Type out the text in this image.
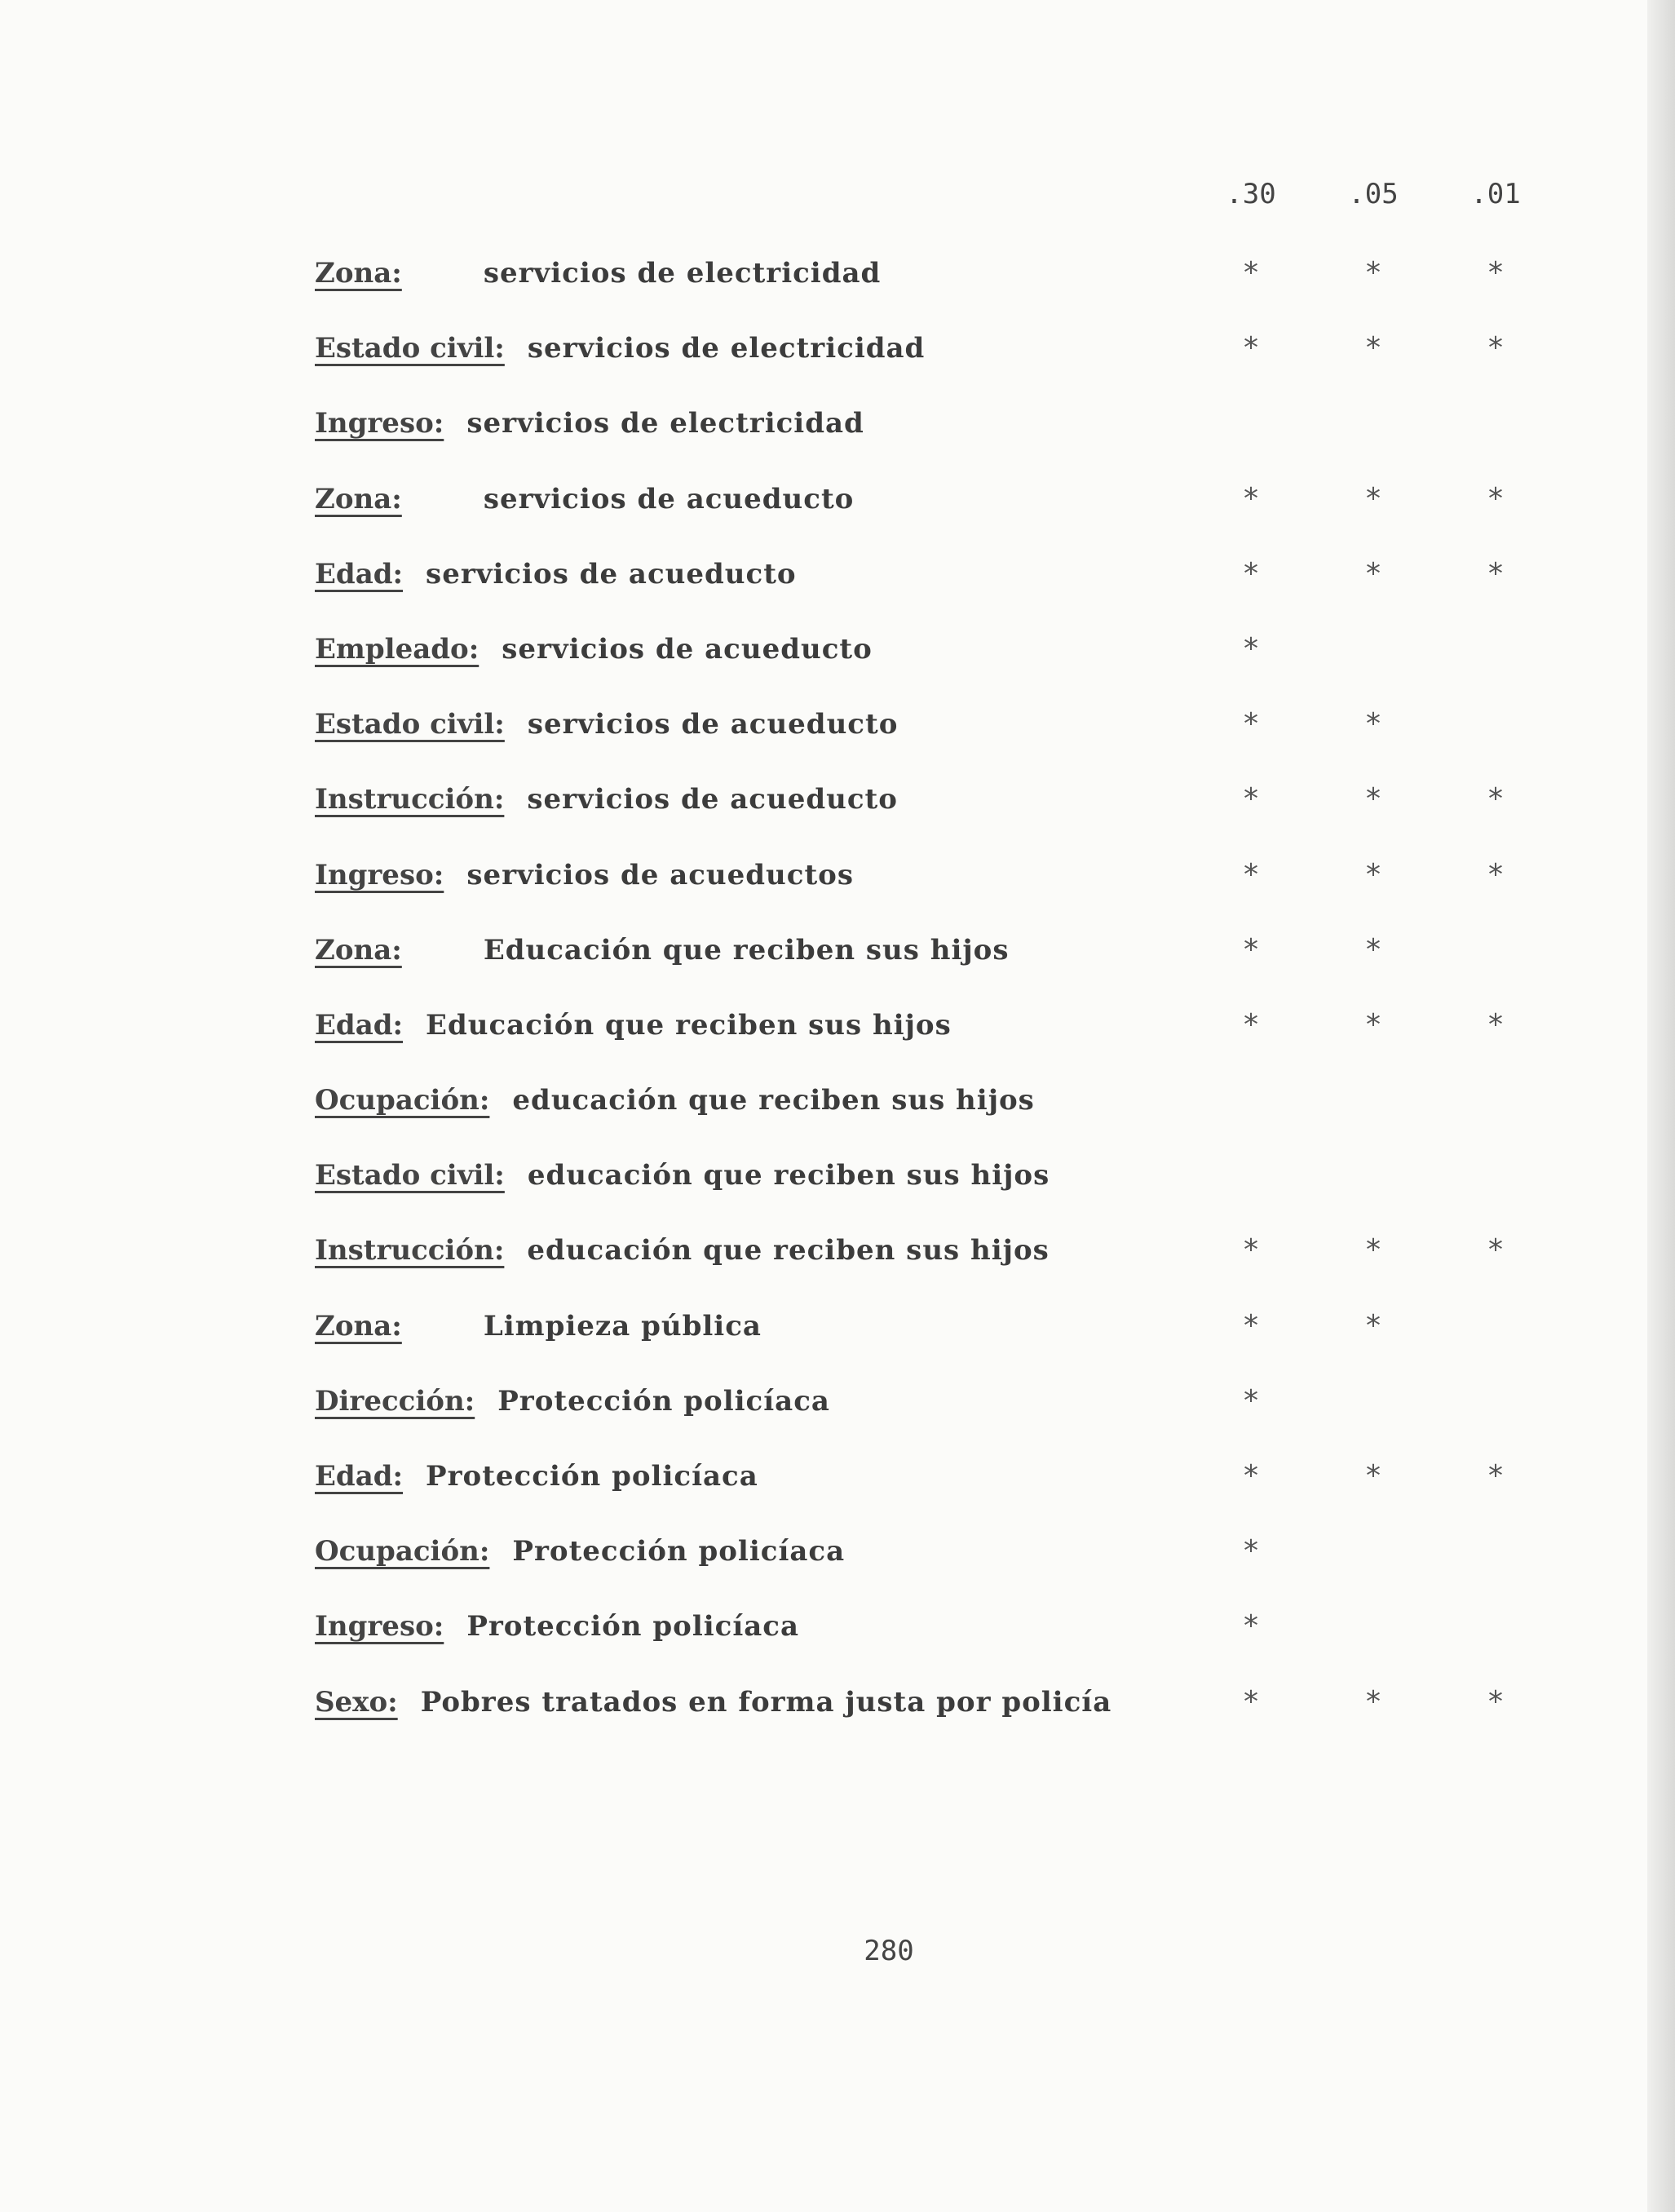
.30	.05	.01
Zona:	servicios de electricidad	*	*	*
Estado civil: servicios de electricidad	*	*	*
Ingreso: servicios de electricidad
Zona:	servicios de acueducto	*	*	*
Edad: servicios de acueducto	*	*	*
Empleado: servicios de acueducto	*
Estado civil: servicios de acueducto	*	*
Instrucción: servicios de acueducto	*	*	*
Ingreso: servicios de acueductos	*	*	*
Zona:	Educación que reciben sus hijos	*	*
Edad: Educación que reciben sus hijos	*	*	*
Ocupación: educación que reciben sus hijos
Estado civil: educación que reciben sus hijos
Instrucción: educación que reciben sus hijos	*	*	*
Zona:	Limpieza pública	*	*
Dirección: Protección policíaca	*
Edad: Protección policíaca	*	*	*
Ocupación: Protección policíaca	*
Ingreso: Protección policíaca	*
Sexo: Pobres tratados en forma justa por policía	*	*	*
280
